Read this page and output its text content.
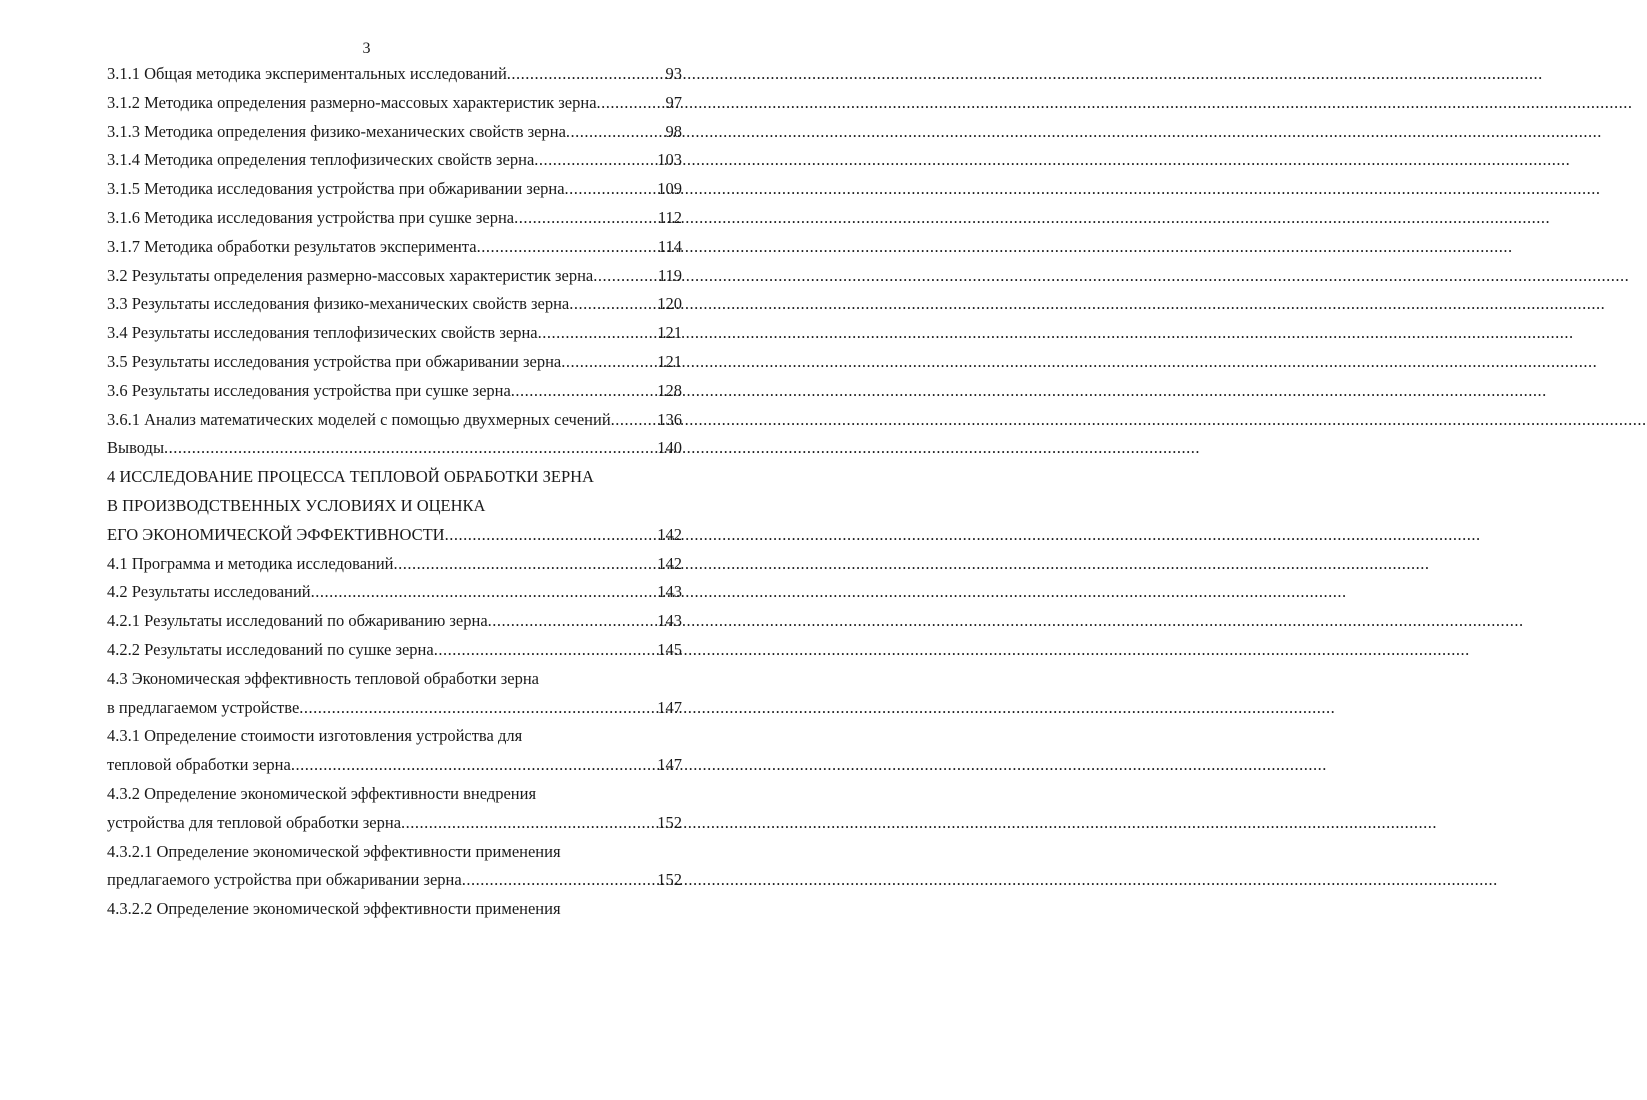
3
3.1.1 Общая методика экспериментальных исследований .....	93
3.1.2 Методика определения размерно-массовых характеристик зерна .....	97
3.1.3 Методика определения физико-механических свойств зерна .....	98
3.1.4 Методика определения теплофизических свойств зерна .....	103
3.1.5 Методика исследования устройства при обжаривании зерна .....	109
3.1.6 Методика исследования устройства при сушке зерна .....	112
3.1.7 Методика обработки результатов эксперимента .....	114
3.2 Результаты определения размерно-массовых характеристик зерна .....	119
3.3 Результаты исследования физико-механических свойств зерна .....	120
3.4 Результаты исследования теплофизических свойств зерна .....	121
3.5 Результаты исследования устройства при обжаривании зерна .....	121
3.6 Результаты исследования устройства при сушке зерна .....	128
3.6.1 Анализ математических моделей с помощью двухмерных сечений .....	136
Выводы .....	140
4 ИССЛЕДОВАНИЕ ПРОЦЕССА ТЕПЛОВОЙ ОБРАБОТКИ ЗЕРНА
В ПРОИЗВОДСТВЕННЫХ УСЛОВИЯХ И ОЦЕНКА
ЕГО ЭКОНОМИЧЕСКОЙ ЭФФЕКТИВНОСТИ .....	142
4.1 Программа и методика исследований .....	142
4.2 Результаты исследований .....	143
4.2.1 Результаты исследований по обжариванию зерна .....	143
4.2.2 Результаты исследований по сушке зерна .....	145
4.3 Экономическая эффективность тепловой обработки зерна
в предлагаемом устройстве .....	147
4.3.1 Определение стоимости изготовления устройства для
тепловой обработки зерна .....	147
4.3.2 Определение экономической эффективности внедрения
устройства для тепловой обработки зерна .....	152
4.3.2.1 Определение экономической эффективности применения
предлагаемого устройства при обжаривании зерна .....	152
4.3.2.2 Определение экономической эффективности применения
